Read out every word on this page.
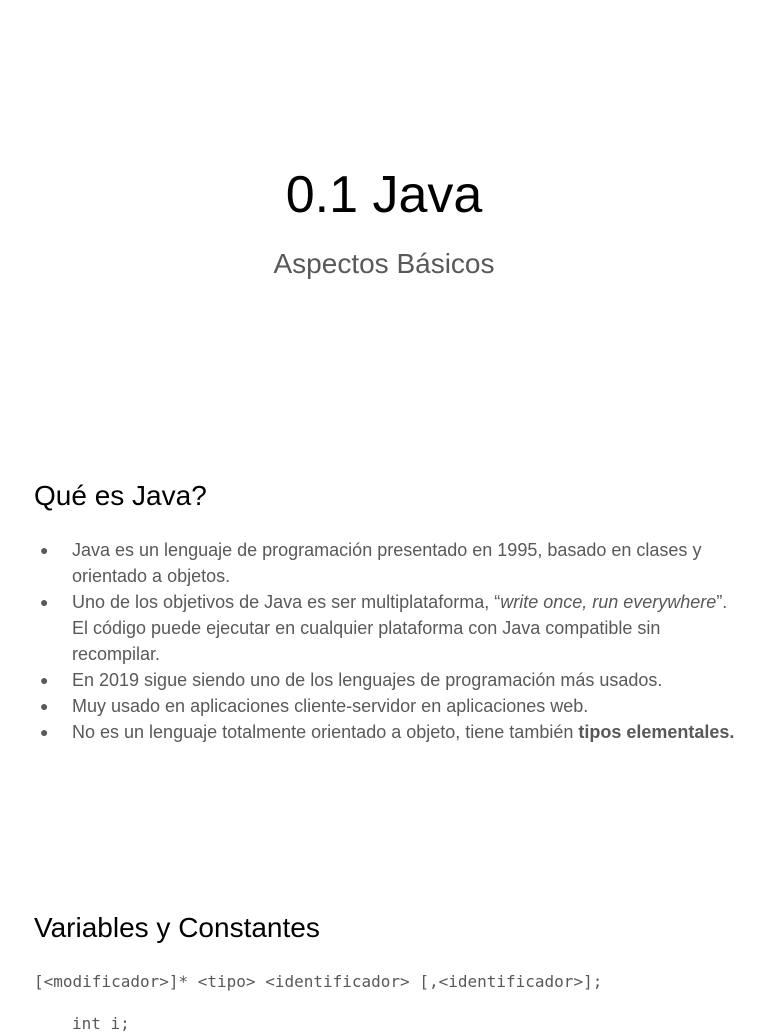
0.1 Java
Aspectos Básicos
Qué es Java?
● Java es un lenguaje de programación presentado en 1995, basado en clases y orientado a objetos.
● Uno de los objetivos de Java es ser multiplataforma, “write once, run everywhere”. El código puede ejecutar en cualquier plataforma con Java compatible sin recompilar.
● En 2019 sigue siendo uno de los lenguajes de programación más usados.
● Muy usado en aplicaciones cliente-servidor en aplicaciones web.
● No es un lenguaje totalmente orientado a objeto, tiene también tipos elementales.
Variables y Constantes
[<modificador>]* <tipo> <identificador> [,<identificador>];
int i;
